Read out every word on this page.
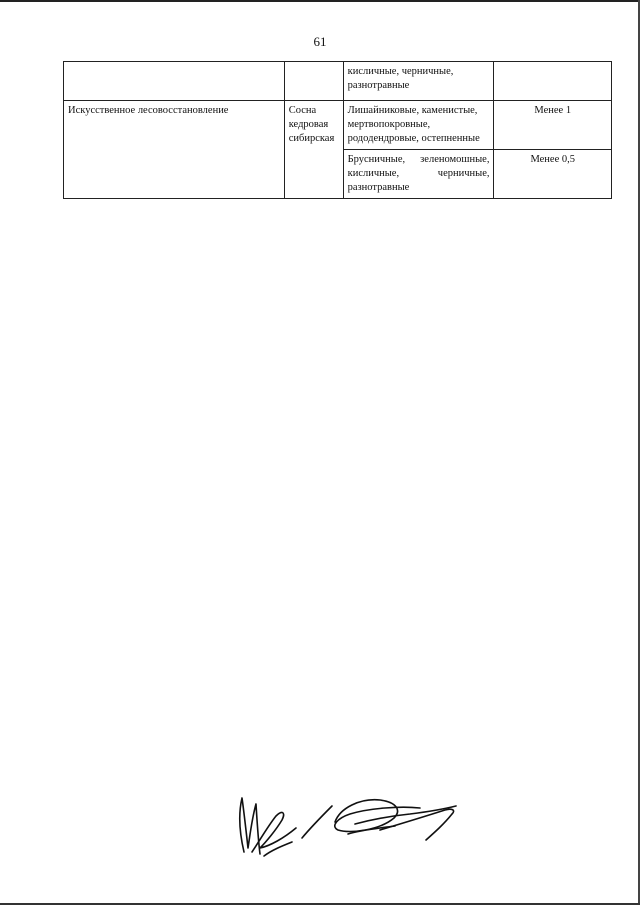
61
		кисличные, черничные, разнотравные	
Искусственное лесовосстановление	Сосна кедровая сибирская	Лишайниковые, каменистые, мертвопокровные, рододендровые, остепненные	Менее 1
		Брусничные, зеленомошные, кисличные, черничные, разнотравные	Менее 0,5
